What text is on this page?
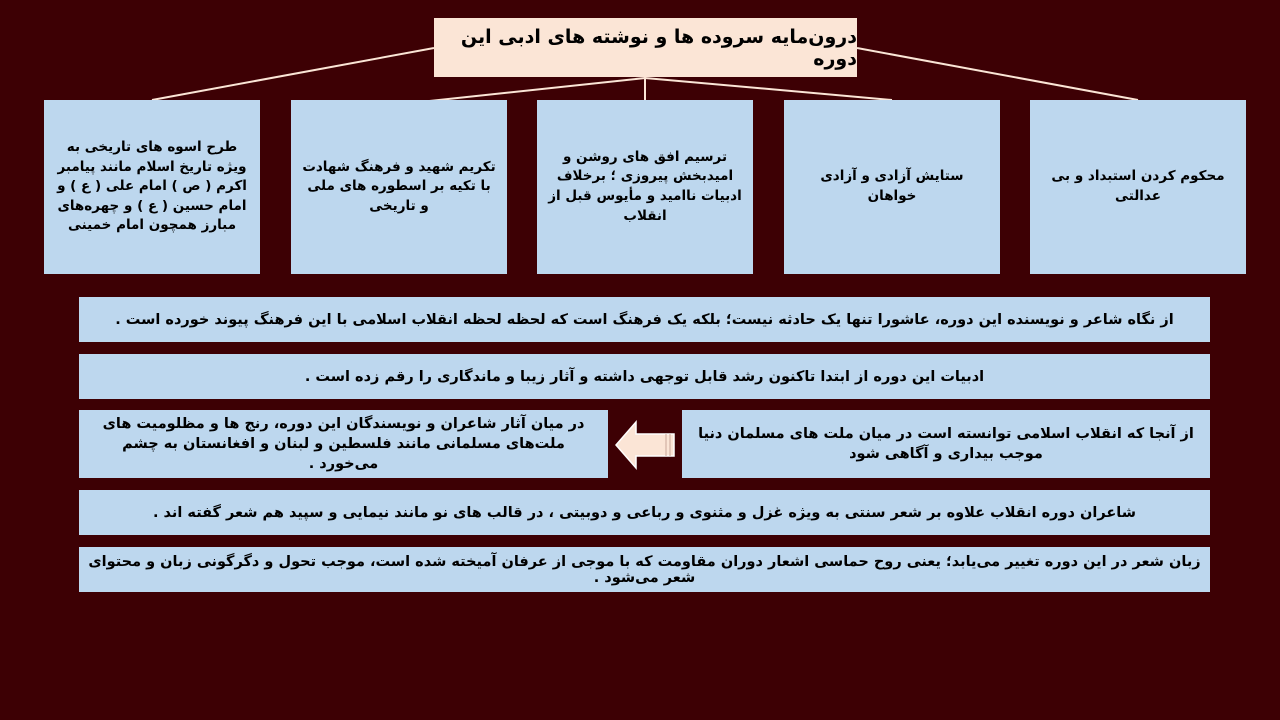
درون‌مایه سروده ها و نوشته های ادبی این دوره
محکوم کردن استبداد و بی عدالتی
ستایش آزادی و آزادی خواهان
ترسیم افق های روشن و امیدبخش پیروزی ؛ برخلاف ادبیات ناامید و مأیوس قبل از انقلاب
تکریم شهید و فرهنگ شهادت با تکیه بر اسطوره های ملی و تاریخی
طرح اسوه های تاریخی به ویژه تاریخ اسلام مانند پیامبر اکرم ( ص ) امام علی ( ع ) و امام حسین ( ع ) و چهره‌های مبارز همچون امام خمینی
از نگاه شاعر و نویسنده این دوره، عاشورا تنها یک حادثه نیست؛ بلکه یک فرهنگ است که لحظه لحظه انقلاب اسلامی با این فرهنگ پیوند خورده است .
ادبیات این دوره از ابتدا تاکنون رشد قابل توجهی داشته و آثار زیبا و ماندگاری را رقم زده است .
از آنجا که انقلاب اسلامی توانسته است در میان ملت های مسلمان دنیا موجب بیداری و آگاهی شود
در میان آثار شاعران و نویسندگان این دوره، رنج ها و مظلومیت های ملت‌های مسلمانی مانند فلسطین و لبنان و افغانستان به چشم می‌خورد .
شاعران دوره انقلاب علاوه بر شعر سنتی به ویژه غزل و مثنوی و رباعی و دوبیتی ، در قالب های نو مانند نیمایی و سپید هم شعر گفته اند .
زبان شعر در این دوره تغییر می‌یابد؛ یعنی روح حماسی اشعار دوران مقاومت که با موجی از عرفان آمیخته شده است، موجب تحول و دگرگونی زبان و محتوای شعر می‌شود .
